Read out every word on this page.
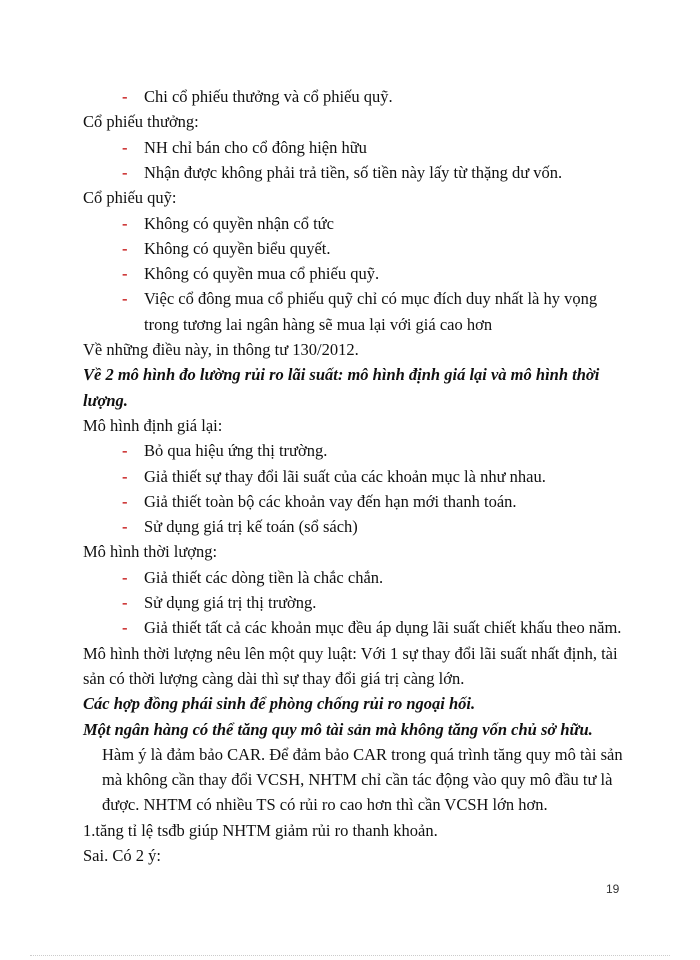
- Chi cổ phiếu thưởng và cổ phiếu quỹ.
Cổ phiếu thưởng:
- NH chỉ bán cho cổ đông hiện hữu
- Nhận được không phải trả tiền, số tiền này lấy từ thặng dư vốn.
Cổ phiếu quỹ:
- Không có quyền nhận cổ tức
- Không có quyền biểu quyết.
- Không có quyền mua cổ phiếu quỹ.
- Việc cổ đông mua cổ phiếu quỹ chỉ có mục đích duy nhất là hy vọng
trong tương lai ngân hàng sẽ mua lại với giá cao hơn
Về những điều này, in thông tư 130/2012.
Về 2 mô hình đo lường rủi ro lãi suất: mô hình định giá lại và mô hình thời
lượng.
Mô hình định giá lại:
- Bỏ qua hiệu ứng thị trường.
- Giả thiết sự thay đổi lãi suất của các khoản mục là như nhau.
- Giả thiết toàn bộ các khoản vay đến hạn mới thanh toán.
- Sử dụng giá trị kế toán (sổ sách)
Mô hình thời lượng:
- Giả thiết các dòng tiền là chắc chắn.
- Sử dụng giá trị thị trường.
- Giả thiết tất cả các khoản mục đều áp dụng lãi suất chiết khấu theo năm.
Mô hình thời lượng nêu lên một quy luật: Với 1 sự thay đổi lãi suất nhất định, tài
sản có thời lượng càng dài thì sự thay đổi giá trị càng lớn.
Các hợp đồng phái sinh để phòng chống rủi ro ngoại hối.
Một ngân hàng có thể tăng quy mô tài sản mà không tăng vốn chủ sở hữu.
Hàm ý là đảm bảo CAR. Để đảm bảo CAR trong quá trình tăng quy mô tài sản
mà không cần thay đổi VCSH, NHTM chỉ cần tác động vào quy mô đầu tư là
được. NHTM có nhiều TS có rủi ro cao hơn thì cần VCSH lớn hơn.
1.tăng tỉ lệ tsđb giúp NHTM giảm rủi ro thanh khoản.
Sai. Có 2 ý:
19
